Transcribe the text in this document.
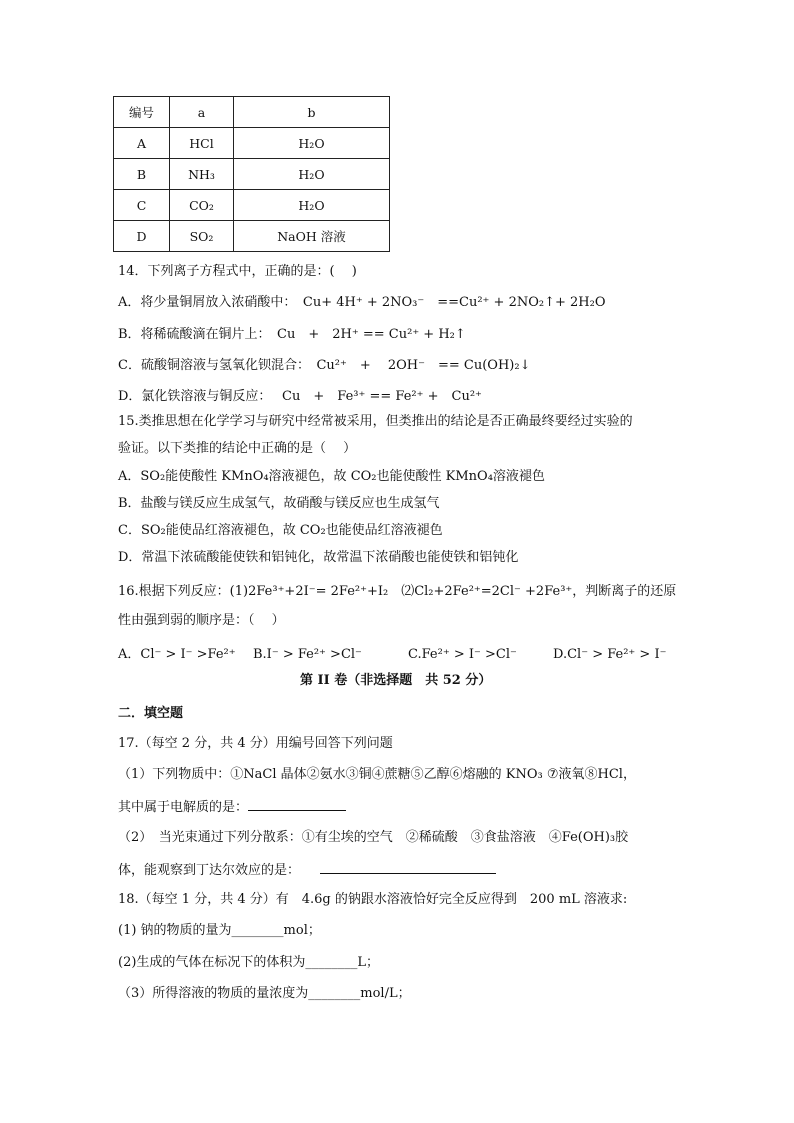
编号	a	b
A	HCl	H₂O
B	NH₃	H₂O
C	CO₂	H₂O
D	SO₂	NaOH 溶液
14．下列离子方程式中，正确的是：(　 )
A．将少量铜屑放入浓硝酸中：　Cu+ 4H⁺ + 2NO₃⁻　==Cu²⁺ + 2NO₂↑+ 2H₂O
B．将稀硫酸滴在铜片上：　Cu　+　2H⁺ == Cu²⁺ + H₂↑
C．硫酸铜溶液与氢氧化钡混合：　Cu²⁺　+　 2OH⁻　== Cu(OH)₂↓
D．氯化铁溶液与铜反应：　 Cu　+　Fe³⁺ == Fe²⁺ +　Cu²⁺
15.类推思想在化学学习与研究中经常被采用，但类推出的结论是否正确最终要经过实验的
验证。以下类推的结论中正确的是（　 ）
A．SO₂能使酸性 KMnO₄溶液褪色，故 CO₂也能使酸性 KMnO₄溶液褪色
B．盐酸与镁反应生成氢气，故硝酸与镁反应也生成氢气
C．SO₂能使品红溶液褪色，故 CO₂也能使品红溶液褪色
D．常温下浓硫酸能使铁和铝钝化，故常温下浓硝酸也能使铁和铝钝化
16.根据下列反应：(1)2Fe³⁺+2I⁻= 2Fe²⁺+I₂　⑵Cl₂+2Fe²⁺=2Cl⁻ +2Fe³⁺，判断离子的还原
性由强到弱的顺序是：（　 ）
A．Cl⁻ > I⁻ >Fe²⁺ B.I⁻ > Fe²⁺ >Cl⁻	C.Fe²⁺ > I⁻ >Cl⁻	D.Cl⁻ > Fe²⁺ > I⁻
第 II 卷（非选择题　共 52 分）
二．填空题
17.（每空 2 分，共 4 分）用编号回答下列问题
（1）下列物质中：①NaCl 晶体②氨水③铜④蔗糖⑤乙醇⑥熔融的 KNO₃ ⑦液氧⑧HCl，
其中属于电解质的是：
（2）　当光束通过下列分散系：①有尘埃的空气　②稀硫酸　③食盐溶液　④Fe(OH)₃胶
体，能观察到丁达尔效应的是：
18.（每空 1 分，共 4 分）有　4.6g 的钠跟水溶液恰好完全反应得到　200 mL 溶液求:
(1) 钠的物质的量为________mol；
(2)生成的气体在标况下的体积为________L；
（3）所得溶液的物质的量浓度为________mol/L；
